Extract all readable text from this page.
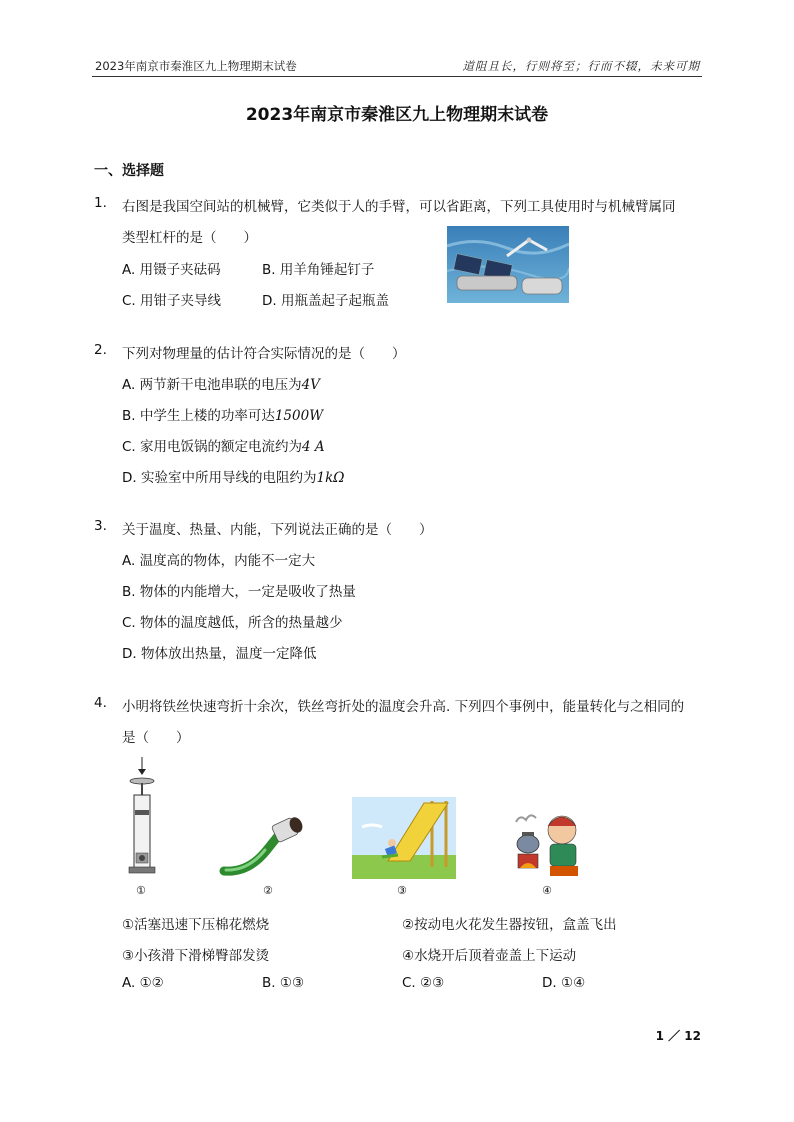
2023年南京市秦淮区九上物理期末试卷	道阻且长，行则将至；行而不辍，未来可期
2023年南京市秦淮区九上物理期末试卷
一、选择题
1. 右图是我国空间站的机械臂，它类似于人的手臂，可以省距离，下列工具使用时与机械臂属同
类型杠杆的是（　　）
A. 用镊子夹砝码	B. 用羊角锤起钉子
C. 用钳子夹导线	D. 用瓶盖起子起瓶盖
2. 下列对物理量的估计符合实际情况的是（　　）
A. 两节新干电池串联的电压为4V
B. 中学生上楼的功率可达1500W
C. 家用电饭锅的额定电流约为4 A
D. 实验室中所用导线的电阻约为1kΩ
3. 关于温度、热量、内能，下列说法正确的是（　　）
A. 温度高的物体，内能不一定大
B. 物体的内能增大，一定是吸收了热量
C. 物体的温度越低，所含的热量越少
D. 物体放出热量，温度一定降低
4. 小明将铁丝快速弯折十余次，铁丝弯折处的温度会升高. 下列四个事例中，能量转化与之相同的
是（　　）
①	②	③	④
①活塞迅速下压棉花燃烧	②按动电火花发生器按钮，盒盖飞出
③小孩滑下滑梯臀部发烫	④水烧开后顶着壶盖上下运动
A. ①②	B. ①③	C. ②③	D. ①④
1 ／ 12
